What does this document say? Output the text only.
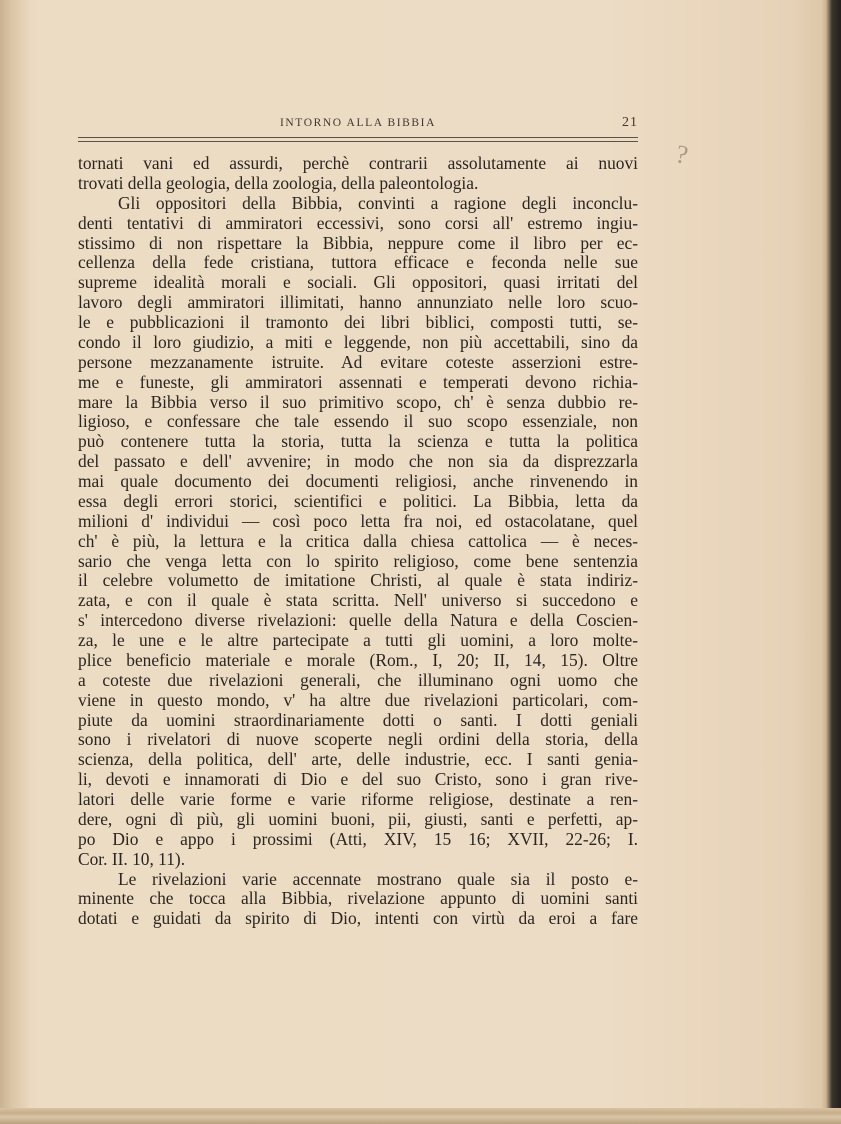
INTORNO ALLA BIBBIA	21
?
tornati vani ed assurdi, perchè contrarii assolutamente ai nuovi
trovati della geologia, della zoologia, della paleontologia.
Gli oppositori della Bibbia, convinti a ragione degli inconclu-
denti tentativi di ammiratori eccessivi, sono corsi all' estremo ingiu-
stissimo di non rispettare la Bibbia, neppure come il libro per ec-
cellenza della fede cristiana, tuttora efficace e feconda nelle sue
supreme idealità morali e sociali. Gli oppositori, quasi irritati del
lavoro degli ammiratori illimitati, hanno annunziato nelle loro scuo-
le e pubblicazioni il tramonto dei libri biblici, composti tutti, se-
condo il loro giudizio, a miti e leggende, non più accettabili, sino da
persone mezzanamente istruite. Ad evitare coteste asserzioni estre-
me e funeste, gli ammiratori assennati e temperati devono richia-
mare la Bibbia verso il suo primitivo scopo, ch' è senza dubbio re-
ligioso, e confessare che tale essendo il suo scopo essenziale, non
può contenere tutta la storia, tutta la scienza e tutta la politica
del passato e dell' avvenire; in modo che non sia da disprezzarla
mai quale documento dei documenti religiosi, anche rinvenendo in
essa degli errori storici, scientifici e politici. La Bibbia, letta da
milioni d' individui — così poco letta fra noi, ed ostacolatane, quel
ch' è più, la lettura e la critica dalla chiesa cattolica — è neces-
sario che venga letta con lo spirito religioso, come bene sentenzia
il celebre volumetto de imitatione Christi, al quale è stata indiriz-
zata, e con il quale è stata scritta. Nell' universo si succedono e
s' intercedono diverse rivelazioni: quelle della Natura e della Coscien-
za, le une e le altre partecipate a tutti gli uomini, a loro molte-
plice beneficio materiale e morale (Rom., I, 20; II, 14, 15). Oltre
a coteste due rivelazioni generali, che illuminano ogni uomo che
viene in questo mondo, v' ha altre due rivelazioni particolari, com-
piute da uomini straordinariamente dotti o santi. I dotti geniali
sono i rivelatori di nuove scoperte negli ordini della storia, della
scienza, della politica, dell' arte, delle industrie, ecc. I santi genia-
li, devoti e innamorati di Dio e del suo Cristo, sono i gran rive-
latori delle varie forme e varie riforme religiose, destinate a ren-
dere, ogni dì più, gli uomini buoni, pii, giusti, santi e perfetti, ap-
po Dio e appo i prossimi (Atti, XIV, 15 16; XVII, 22-26; I.
Cor. II. 10, 11).
Le rivelazioni varie accennate mostrano quale sia il posto e-
minente che tocca alla Bibbia, rivelazione appunto di uomini santi
dotati e guidati da spirito di Dio, intenti con virtù da eroi a fare
